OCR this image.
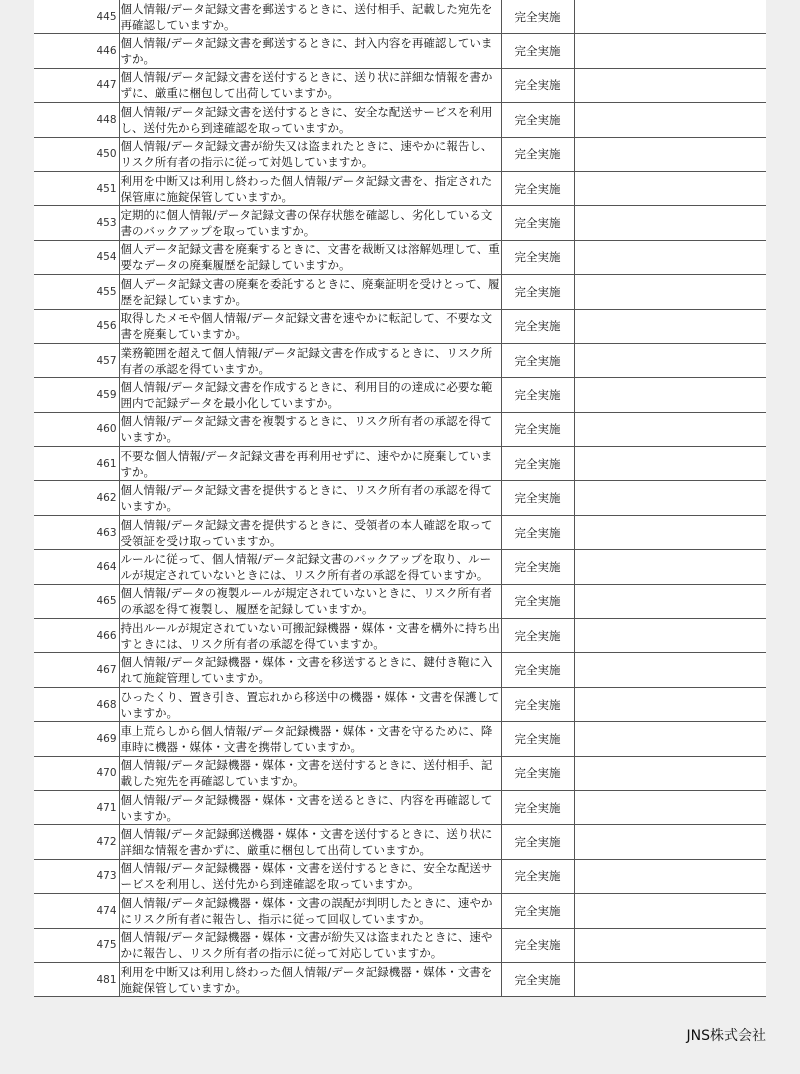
445	個人情報/データ記録文書を郵送するときに、送付相手、記載した宛先を再確認していますか。	完全実施	
446	個人情報/データ記録文書を郵送するときに、封入内容を再確認していますか。	完全実施	
447	個人情報/データ記録文書を送付するときに、送り状に詳細な情報を書かずに、厳重に梱包して出荷していますか。	完全実施	
448	個人情報/データ記録文書を送付するときに、安全な配送サービスを利用し、送付先から到達確認を取っていますか。	完全実施	
450	個人情報/データ記録文書が紛失又は盗まれたときに、速やかに報告し、リスク所有者の指示に従って対処していますか。	完全実施	
451	利用を中断又は利用し終わった個人情報/データ記録文書を、指定された保管庫に施錠保管していますか。	完全実施	
453	定期的に個人情報/データ記録文書の保存状態を確認し、劣化している文書のバックアップを取っていますか。	完全実施	
454	個人データ記録文書を廃棄するときに、文書を裁断又は溶解処理して、重要なデータの廃棄履歴を記録していますか。	完全実施	
455	個人データ記録文書の廃棄を委託するときに、廃棄証明を受けとって、履歴を記録していますか。	完全実施	
456	取得したメモや個人情報/データ記録文書を速やかに転記して、不要な文書を廃棄していますか。	完全実施	
457	業務範囲を超えて個人情報/データ記録文書を作成するときに、リスク所有者の承認を得ていますか。	完全実施	
459	個人情報/データ記録文書を作成するときに、利用目的の達成に必要な範囲内で記録データを最小化していますか。	完全実施	
460	個人情報/データ記録文書を複製するときに、リスク所有者の承認を得ていますか。	完全実施	
461	不要な個人情報/データ記録文書を再利用せずに、速やかに廃棄していますか。	完全実施	
462	個人情報/データ記録文書を提供するときに、リスク所有者の承認を得ていますか。	完全実施	
463	個人情報/データ記録文書を提供するときに、受領者の本人確認を取って受領証を受け取っていますか。	完全実施	
464	ルールに従って、個人情報/データ記録文書のバックアップを取り、ルールが規定されていないときには、リスク所有者の承認を得ていますか。	完全実施	
465	個人情報/データの複製ルールが規定されていないときに、リスク所有者の承認を得て複製し、履歴を記録していますか。	完全実施	
466	持出ルールが規定されていない可搬記録機器・媒体・文書を構外に持ち出すときには、リスク所有者の承認を得ていますか。	完全実施	
467	個人情報/データ記録機器・媒体・文書を移送するときに、鍵付き鞄に入れて施錠管理していますか。	完全実施	
468	ひったくり、置き引き、置忘れから移送中の機器・媒体・文書を保護していますか。	完全実施	
469	車上荒らしから個人情報/データ記録機器・媒体・文書を守るために、降車時に機器・媒体・文書を携帯していますか。	完全実施	
470	個人情報/データ記録機器・媒体・文書を送付するときに、送付相手、記載した宛先を再確認していますか。	完全実施	
471	個人情報/データ記録機器・媒体・文書を送るときに、内容を再確認していますか。	完全実施	
472	個人情報/データ記録郵送機器・媒体・文書を送付するときに、送り状に詳細な情報を書かずに、厳重に梱包して出荷していますか。	完全実施	
473	個人情報/データ記録機器・媒体・文書を送付するときに、安全な配送サービスを利用し、送付先から到達確認を取っていますか。	完全実施	
474	個人情報/データ記録機器・媒体・文書の誤配が判明したときに、速やかにリスク所有者に報告し、指示に従って回収していますか。	完全実施	
475	個人情報/データ記録機器・媒体・文書が紛失又は盗まれたときに、速やかに報告し、リスク所有者の指示に従って対応していますか。	完全実施	
481	利用を中断又は利用し終わった個人情報/データ記録機器・媒体・文書を施錠保管していますか。	完全実施	
JNS株式会社
